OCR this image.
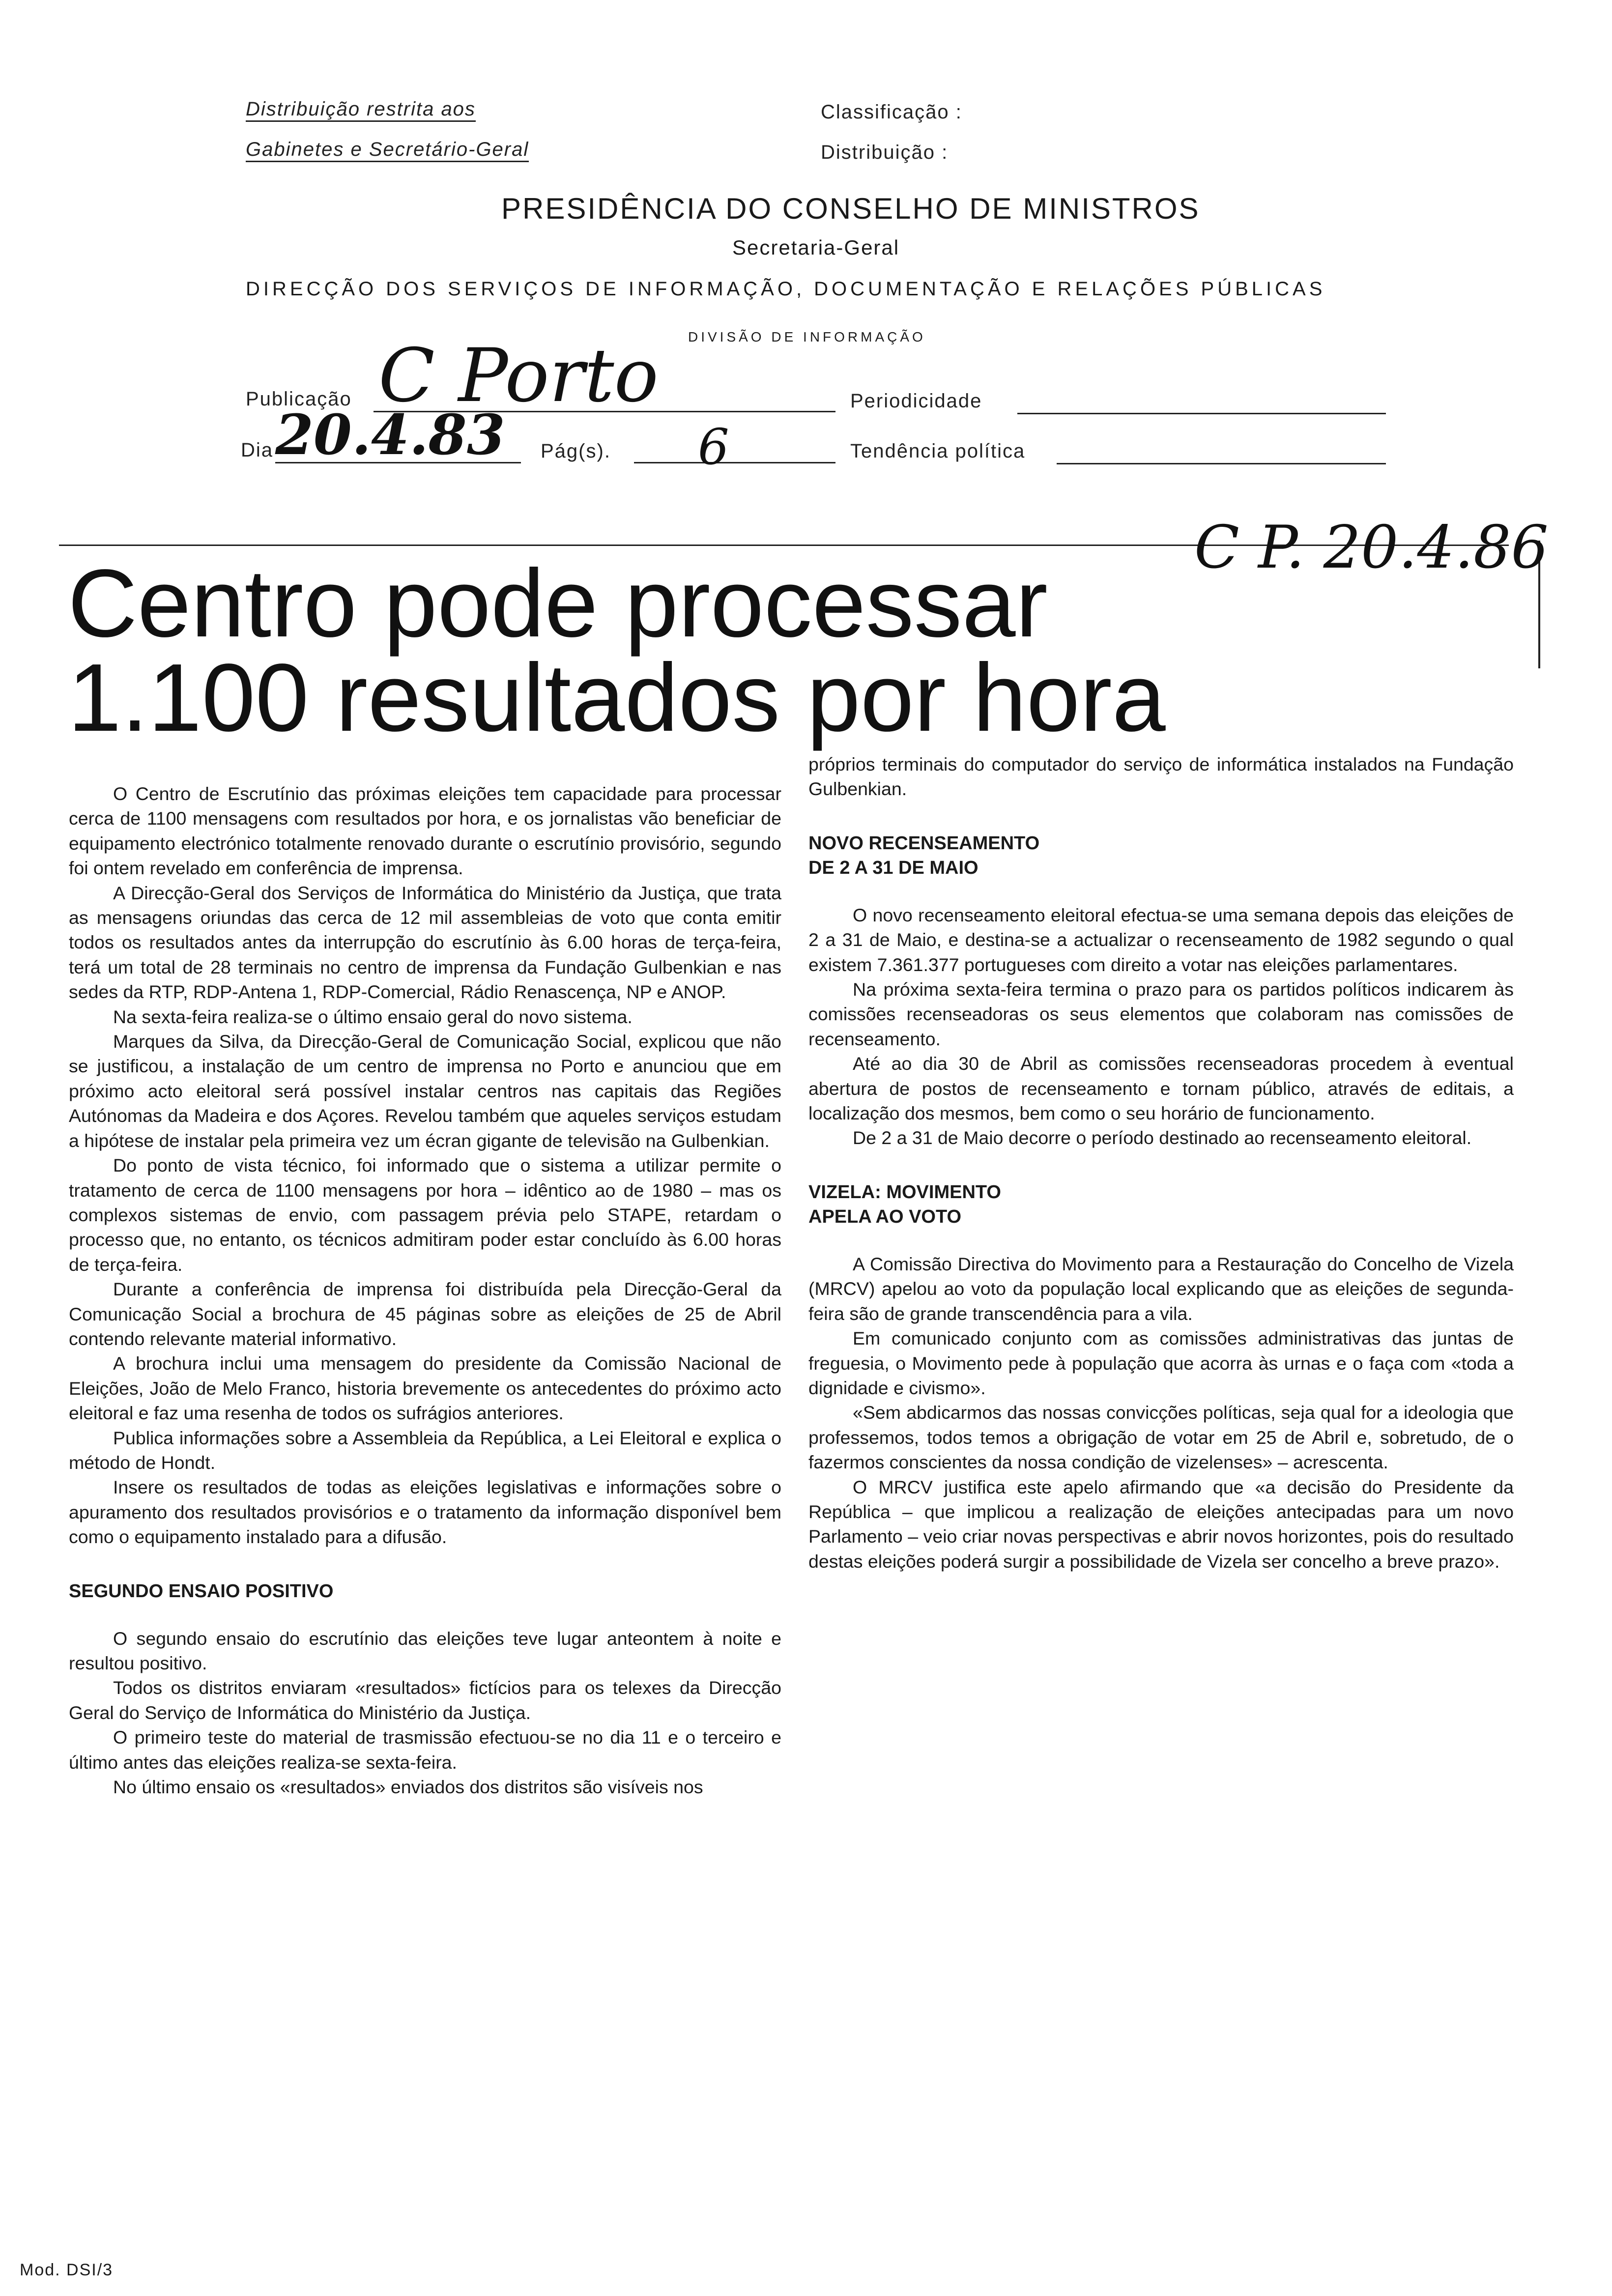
Distribuição restrita aos
Gabinetes e Secretário-Geral
Classificação :
Distribuição :
PRESIDÊNCIA DO CONSELHO DE MINISTROS
Secretaria-Geral
DIRECÇÃO DOS SERVIÇOS DE INFORMAÇÃO, DOCUMENTAÇÃO E RELAÇÕES PÚBLICAS
DIVISÃO DE INFORMAÇÃO
Publicação C Porto	Periodicidade
Dia 20.4.83 Pág(s). 6	Tendência política
C P. 20.4.86
Centro pode processar
1.100 resultados por hora

O Centro de Escrutínio das próximas eleições tem capacidade para processar cerca de 1100 mensagens com resultados por hora, e os jornalistas vão beneficiar de equipamento electrónico totalmente renovado durante o escrutínio provisório, segundo foi ontem revelado em conferência de imprensa.

A Direcção-Geral dos Serviços de Informática do Ministério da Justiça, que trata as mensagens oriundas das cerca de 12 mil assembleias de voto que conta emitir todos os resultados antes da interrupção do escrutínio às 6.00 horas de terça-feira, terá um total de 28 terminais no centro de imprensa da Fundação Gulbenkian e nas sedes da RTP, RDP-Antena 1, RDP-Comercial, Rádio Renascença, NP e ANOP.

Na sexta-feira realiza-se o último ensaio geral do novo sistema.

Marques da Silva, da Direcção-Geral de Comunicação Social, explicou que não se justificou, a instalação de um centro de imprensa no Porto e anunciou que em próximo acto eleitoral será possível instalar centros nas capitais das Regiões Autónomas da Madeira e dos Açores. Revelou também que aqueles serviços estudam a hipótese de instalar pela primeira vez um écran gigante de televisão na Gulbenkian.

Do ponto de vista técnico, foi informado que o sistema a utilizar permite o tratamento de cerca de 1100 mensagens por hora – idêntico ao de 1980 – mas os complexos sistemas de envio, com passagem prévia pelo STAPE, retardam o processo que, no entanto, os técnicos admitiram poder estar concluído às 6.00 horas de terça-feira.

Durante a conferência de imprensa foi distribuída pela Direcção-Geral da Comunicação Social a brochura de 45 páginas sobre as eleições de 25 de Abril contendo relevante material informativo.

A brochura inclui uma mensagem do presidente da Comissão Nacional de Eleições, João de Melo Franco, historia brevemente os antecedentes do próximo acto eleitoral e faz uma resenha de todos os sufrágios anteriores.

Publica informações sobre a Assembleia da República, a Lei Eleitoral e explica o método de Hondt.

Insere os resultados de todas as eleições legislativas e informações sobre o apuramento dos resultados provisórios e o tratamento da informação disponível bem como o equipamento instalado para a difusão.

SEGUNDO ENSAIO POSITIVO

O segundo ensaio do escrutínio das eleições teve lugar anteontem à noite e resultou positivo.

Todos os distritos enviaram «resultados» fictícios para os telexes da Direcção Geral do Serviço de Informática do Ministério da Justiça.

O primeiro teste do material de trasmissão efectuou-se no dia 11 e o terceiro e último antes das eleições realiza-se sexta-feira.

No último ensaio os «resultados» enviados dos distritos são visíveis nos

próprios terminais do computador do serviço de informática instalados na Fundação Gulbenkian.

NOVO RECENSEAMENTO
DE 2 A 31 DE MAIO

O novo recenseamento eleitoral efectua-se uma semana depois das eleições de 2 a 31 de Maio, e destina-se a actualizar o recenseamento de 1982 segundo o qual existem 7.361.377 portugueses com direito a votar nas eleições parlamentares.

Na próxima sexta-feira termina o prazo para os partidos políticos indicarem às comissões recenseadoras os seus elementos que colaboram nas comissões de recenseamento.

Até ao dia 30 de Abril as comissões recenseadoras procedem à eventual abertura de postos de recenseamento e tornam público, através de editais, a localização dos mesmos, bem como o seu horário de funcionamento.

De 2 a 31 de Maio decorre o período destinado ao recenseamento eleitoral.

VIZELA: MOVIMENTO
APELA AO VOTO

A Comissão Directiva do Movimento para a Restauração do Concelho de Vizela (MRCV) apelou ao voto da população local explicando que as eleições de segunda-feira são de grande transcendência para a vila.

Em comunicado conjunto com as comissões administrativas das juntas de freguesia, o Movimento pede à população que acorra às urnas e o faça com «toda a dignidade e civismo».

«Sem abdicarmos das nossas convicções políticas, seja qual for a ideologia que professemos, todos temos a obrigação de votar em 25 de Abril e, sobretudo, de o fazermos conscientes da nossa condição de vizelenses» – acrescenta.

O MRCV justifica este apelo afirmando que «a decisão do Presidente da República – que implicou a realização de eleições antecipadas para um novo Parlamento – veio criar novas perspectivas e abrir novos horizontes, pois do resultado destas eleições poderá surgir a possibilidade de Vizela ser concelho a breve prazo».

Mod. DSI/3
